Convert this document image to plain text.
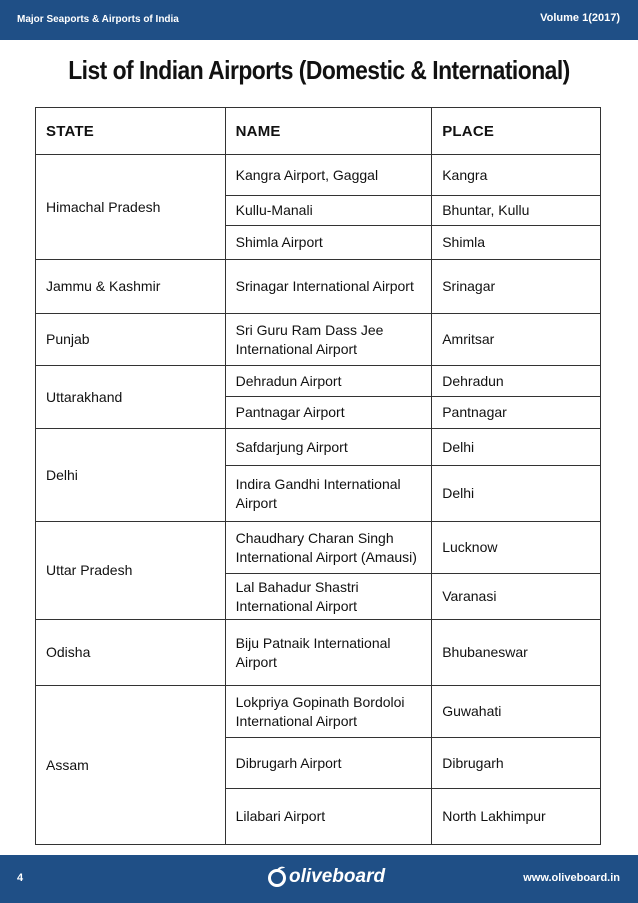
Major Seaports & Airports of India	Volume 1(2017)
List of Indian Airports (Domestic & International)
STATE	NAME	PLACE
Himachal Pradesh	Kangra Airport, Gaggal	Kangra
	Kullu-Manali	Bhuntar, Kullu
	Shimla Airport	Shimla
Jammu & Kashmir	Srinagar International Airport	Srinagar
Punjab	Sri Guru Ram Dass Jee International Airport	Amritsar
Uttarakhand	Dehradun Airport	Dehradun
	Pantnagar Airport	Pantnagar
Delhi	Safdarjung Airport	Delhi
	Indira Gandhi International Airport	Delhi
Uttar Pradesh	Chaudhary Charan Singh International Airport (Amausi)	Lucknow
	Lal Bahadur Shastri International Airport	Varanasi
Odisha	Biju Patnaik International Airport	Bhubaneswar
Assam	Lokpriya Gopinath Bordoloi International Airport	Guwahati
	Dibrugarh Airport	Dibrugarh
	Lilabari Airport	North Lakhimpur
4	oliveboard	www.oliveboard.in
